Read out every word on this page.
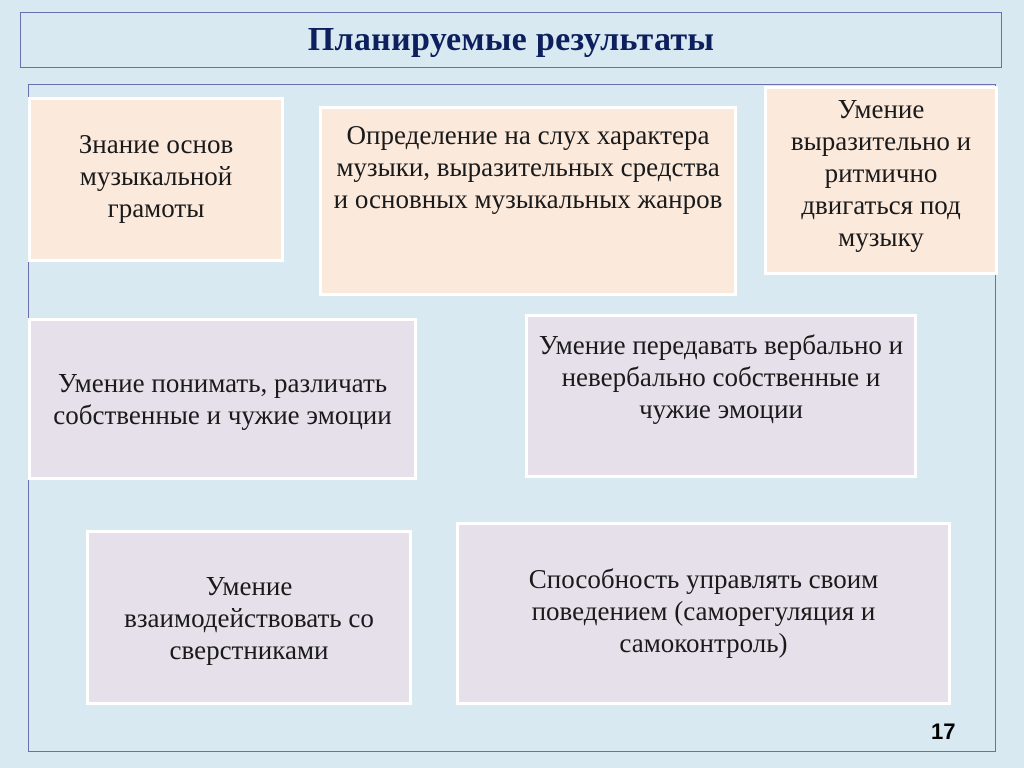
Планируемые результаты
Знание основ музыкальной грамоты
Определение на слух характера музыки, выразительных средства и основных музыкальных жанров
Умение выразительно и ритмично двигаться под музыку
Умение понимать, различать собственные и чужие эмоции
Умение передавать вербально и невербально собственные и чужие эмоции
Умение взаимодействовать со сверстниками
Способность управлять своим поведением (саморегуляция и самоконтроль)
17
